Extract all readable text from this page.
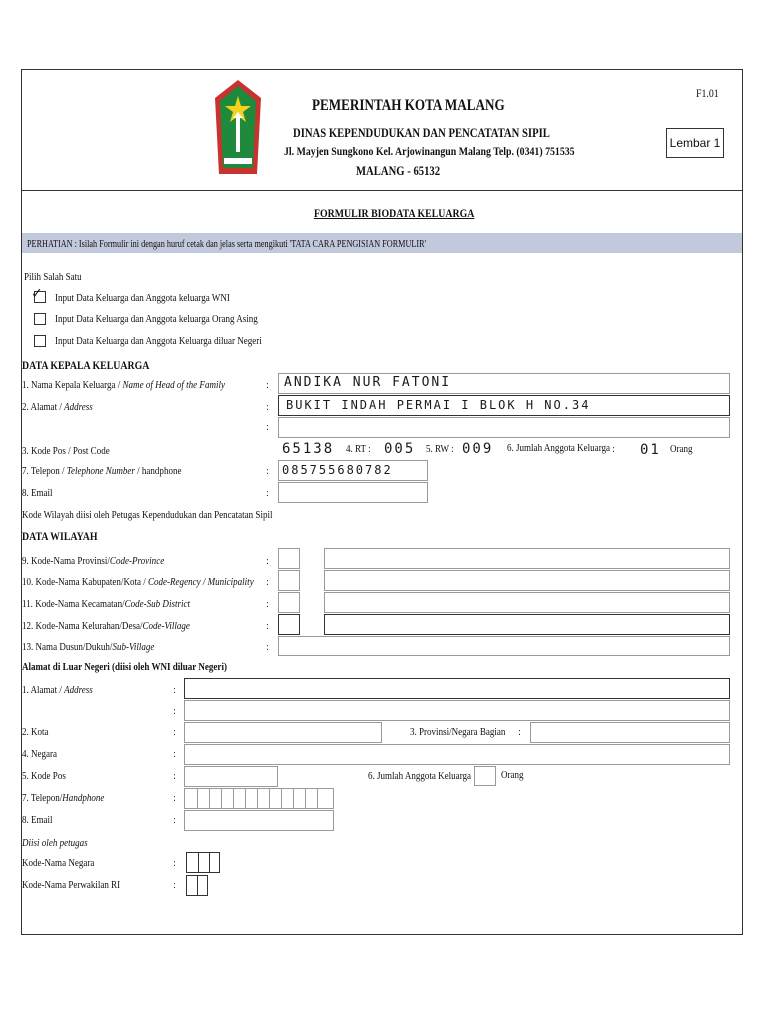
PEMERINTAH KOTA MALANG
DINAS KEPENDUDUKAN DAN PENCATATAN SIPIL
Jl. Mayjen Sungkono Kel. Arjowinangun Malang Telp. (0341) 751535
MALANG - 65132
F1.01
Lembar 1
FORMULIR BIODATA KELUARGA
PERHATIAN : Isilah Formulir ini dengan huruf cetak dan jelas serta mengikuti 'TATA CARA PENGISIAN FORMULIR'
Pilih Salah Satu
✓ Input Data Keluarga dan Anggota keluarga WNI
Input Data Keluarga dan Anggota keluarga Orang Asing
Input Data Keluarga dan Anggota Keluarga diluar Negeri
DATA KEPALA KELUARGA
1. Nama Kepala Keluarga / Name of Head of the Family	: ANDIKA NUR FATONI
2. Alamat / Address	: BUKIT INDAH PERMAI I BLOK H NO.34
:
3. Kode Pos / Post Code	65138 4. RT : 005 5. RW : 009 6. Jumlah Anggota Keluarga : 01 Orang
7. Telepon / Telephone Number / handphone	: 085755680782
8. Email	:
Kode Wilayah diisi oleh Petugas Kependudukan dan Pencatatan Sipil
DATA WILAYAH
9. Kode-Nama Provinsi/Code-Province	:
10. Kode-Nama Kabupaten/Kota / Code-Regency / Municipality :
11. Kode-Nama Kecamatan/Code-Sub District	:
12. Kode-Nama Kelurahan/Desa/Code-Village	:
13. Nama Dusun/Dukuh/Sub-Village	:
Alamat di Luar Negeri (diisi oleh WNI diluar Negeri)
1. Alamat / Address	:
:
2. Kota	:	3. Provinsi/Negara Bagian :
4. Negara	:
5. Kode Pos	:	6. Jumlah Anggota Keluarga	Orang
7. Telepon/Handphone	:
8. Email	:
Diisi oleh petugas
Kode-Nama Negara	:
Kode-Nama Perwakilan RI	:
